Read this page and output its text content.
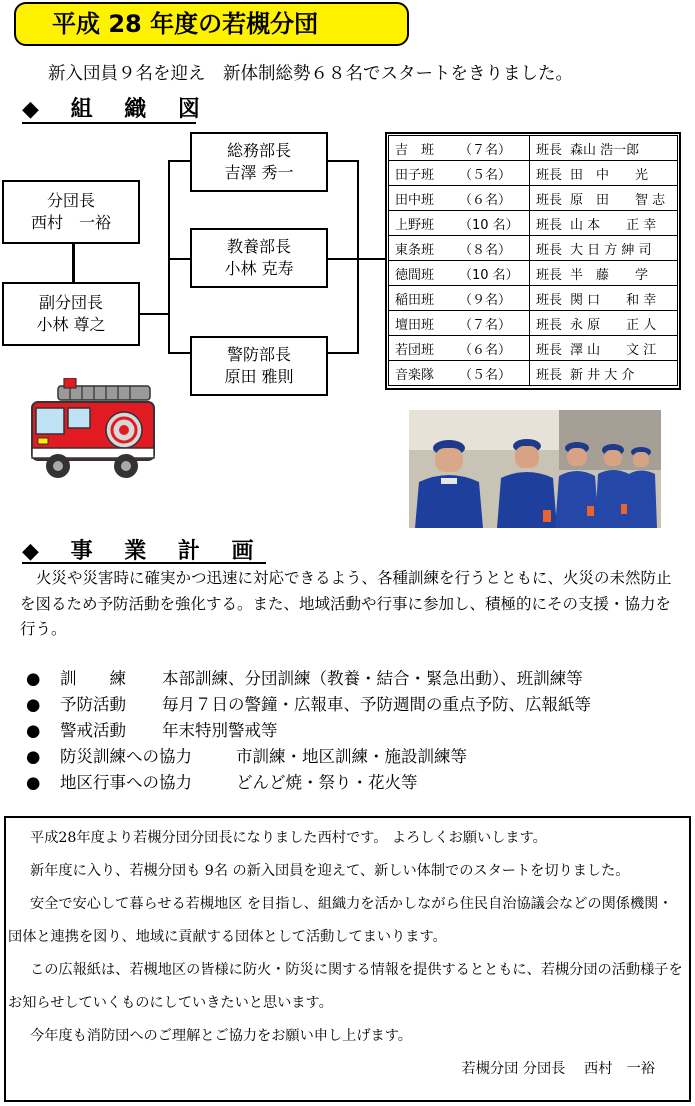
平成 28 年度の若槻分団
新入団員９名を迎え　新体制総勢６８名でスタートをきりました。
◆ 組 織 図
分団長
西村　一裕
副分団長
小林 尊之
総務部長
吉澤 秀一
教養部長
小林 克寿
警防部長
原田 雅則
吉　班 （７名）	班長 森山 浩一郎
田子班 （５名）	班長 田　中　　光
田中班 （６名）	班長 原　田　　智 志
上野班 （10 名）	班長 山 本　　正 幸
東条班 （８名）	班長 大 日 方 紳 司
徳間班 （10 名）	班長 半　藤　　学
稲田班 （９名）	班長 関 口　　和 幸
壇田班 （７名）	班長 永 原　　正 人
若団班 （６名）	班長 澤 山　　文 江
音楽隊 （５名）	班長 新 井 大 介
◆ 事 業 計 画
火災や災害時に確実かつ迅速に対応できるよう、各種訓練を行うとともに、火災の未然防止を図るため予防活動を強化する。また、地域活動や行事に参加し、積極的にその支援・協力を行う。
●	訓　　練	本部訓練、分団訓練（教養・結合・緊急出動）、班訓練等
●	予防活動	毎月７日の警鐘・広報車、予防週間の重点予防、広報紙等
●	警戒活動	年末特別警戒等
●	防災訓練への協力	市訓練・地区訓練・施設訓練等
●	地区行事への協力	どんど焼・祭り・花火等

平成28年度より若槻分団分団長になりました西村です。 よろしくお願いします。

新年度に入り、若槻分団も 9名 の新入団員を迎えて、新しい体制でのスタートを切りました。

安全で安心して暮らせる若槻地区 を目指し、組織力を活かしながら住民自治協議会などの関係機関・団体と連携を図り、地域に貢献する団体として活動してまいります。

この広報紙は、若槻地区の皆様に防火・防災に関する情報を提供するとともに、若槻分団の活動様子をお知らせしていくものにしていきたいと思います。

今年度も消防団へのご理解とご協力をお願い申し上げます。

若槻分団 分団長　 西村　一裕
